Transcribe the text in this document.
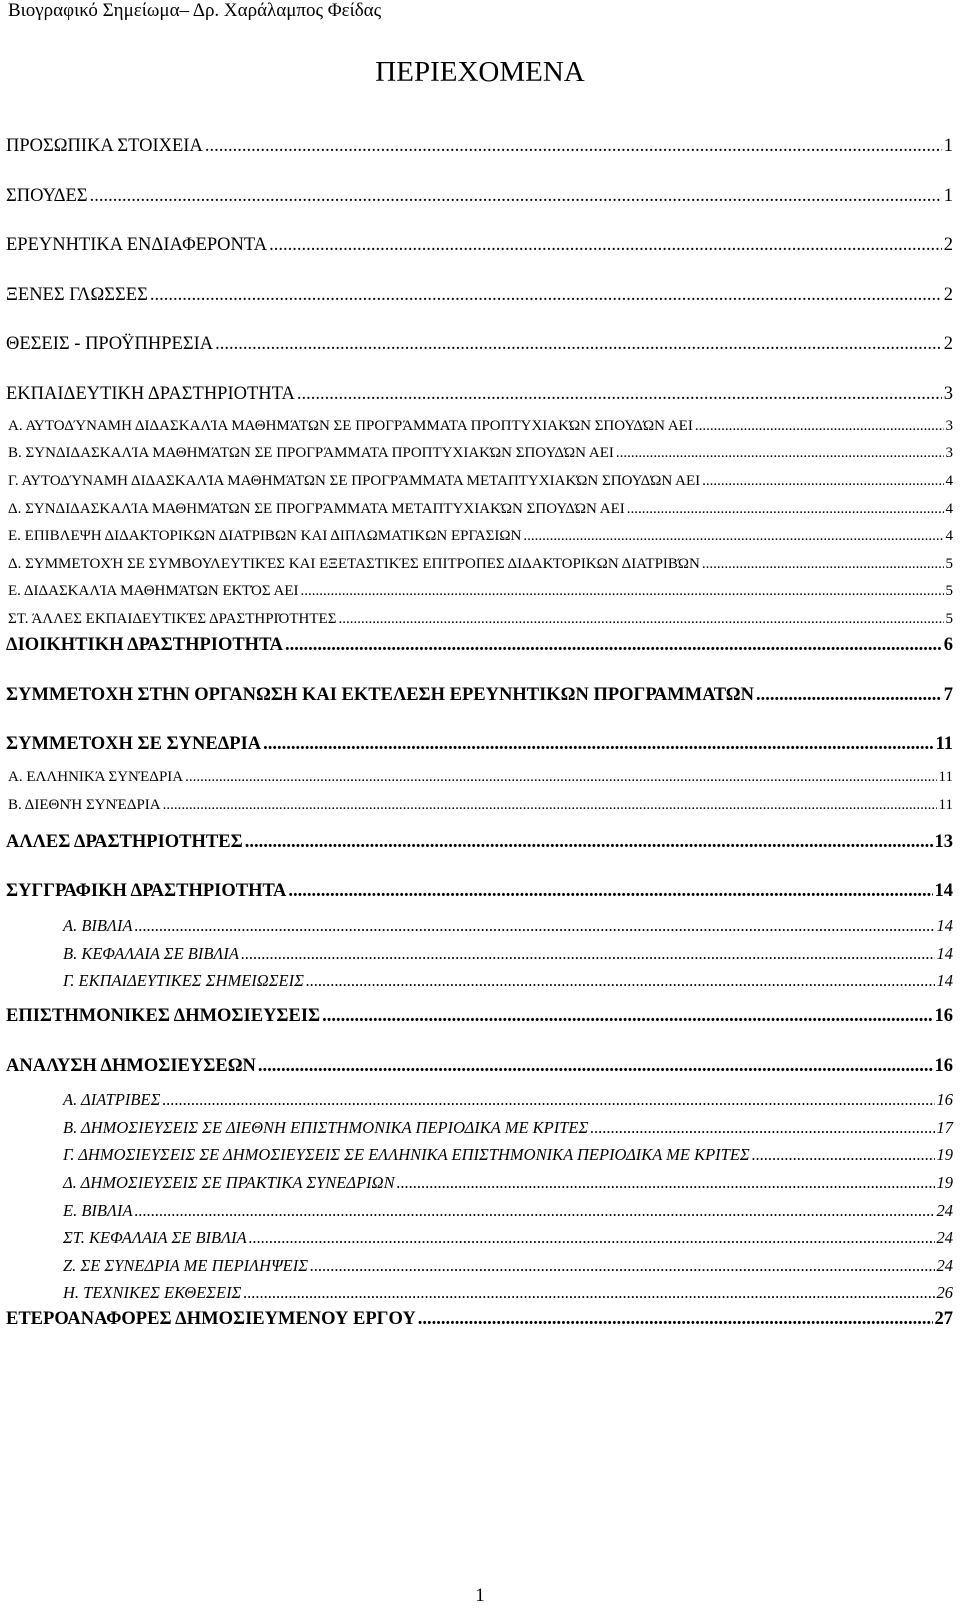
Βιογραφικό Σημείωμα– Δρ. Χαράλαμπος Φείδας
ΠΕΡΙΕΧΟΜΕΝΑ
ΠΡΟΣΩΠΙΚΑ ΣΤΟΙΧΕΙΑ .....	1
ΣΠΟΥΔΕΣ .....	1
ΕΡΕΥΝΗΤΙΚΑ ΕΝΔΙΑΦΕΡΟΝΤΑ .....	2
ΞΕΝΕΣ ΓΛΩΣΣΕΣ .....	2
ΘΕΣΕΙΣ - ΠΡΟΫΠΗΡΕΣΙΑ .....	2
ΕΚΠΑΙΔΕΥΤΙΚΗ ΔΡΑΣΤΗΡΙΟΤΗΤΑ .....	3
Α. ΑΥΤΟΔΎΝΑΜΗ ΔΙΔΑΣΚΑΛΊΑ ΜΑΘΗΜΆΤΩΝ ΣΕ ΠΡΟΓΡΆΜΜΑΤΑ ΠΡΟΠΤΥΧΙΑΚΏΝ ΣΠΟΥΔΏΝ ΑΕΙ .....	3
Β. ΣΥΝΔΙΔΑΣΚΑΛΊΑ ΜΑΘΗΜΆΤΩΝ ΣΕ ΠΡΟΓΡΆΜΜΑΤΑ ΠΡΟΠΤΥΧΙΑΚΏΝ ΣΠΟΥΔΏΝ ΑΕΙ .....	3
Γ. ΑΥΤΟΔΎΝΑΜΗ ΔΙΔΑΣΚΑΛΊΑ ΜΑΘΗΜΆΤΩΝ ΣΕ ΠΡΟΓΡΆΜΜΑΤΑ ΜΕΤΑΠΤΥΧΙΑΚΏΝ ΣΠΟΥΔΏΝ ΑΕΙ .....	4
Δ. ΣΥΝΔΙΔΑΣΚΑΛΊΑ ΜΑΘΗΜΆΤΩΝ ΣΕ ΠΡΟΓΡΆΜΜΑΤΑ ΜΕΤΑΠΤΥΧΙΑΚΏΝ ΣΠΟΥΔΏΝ ΑΕΙ .....	4
Ε. ΕΠΙΒΛΕΨΗ ΔΙΔΑΚΤΟΡΙΚΩΝ ΔΙΑΤΡΙΒΩΝ ΚΑΙ ΔΙΠΛΩΜΑΤΙΚΩΝ ΕΡΓΑΣΙΩΝ .....	4
Δ. ΣΥΜΜΕΤΟΧΉ ΣΕ ΣΥΜΒΟΥΛΕΥΤΙΚΈΣ ΚΑΙ ΕΞΕΤΑΣΤΙΚΈΣ ΕΠΙΤΡΟΠΕΣ ΔΙΔΑΚΤΟΡΙΚΩΝ ΔΙΑΤΡΙΒΏΝ .....	5
Ε. ΔΙΔΑΣΚΑΛΊΑ ΜΑΘΗΜΆΤΩΝ ΕΚΤΌΣ ΑΕΙ .....	5
ΣΤ. ΆΛΛΕΣ ΕΚΠΑΙΔΕΥΤΙΚΈΣ ΔΡΑΣΤΗΡΙΌΤΗΤΕΣ .....	5
ΔΙΟΙΚΗΤΙΚΗ ΔΡΑΣΤΗΡΙΟΤΗΤΑ .....	6
ΣΥΜΜΕΤΟΧΗ ΣΤΗΝ ΟΡΓΑΝΩΣΗ ΚΑΙ ΕΚΤΕΛΕΣΗ ΕΡΕΥΝΗΤΙΚΩΝ ΠΡΟΓΡΑΜΜΑΤΩΝ .....	7
ΣΥΜΜΕΤΟΧΗ ΣΕ ΣΥΝΕΔΡΙΑ .....	11
Α. ΕΛΛΗΝΙΚΆ ΣΥΝΈΔΡΙΑ .....	11
Β. ΔΙΕΘΝΉ ΣΥΝΈΔΡΙΑ .....	11
ΑΛΛΕΣ ΔΡΑΣΤΗΡΙΟΤΗΤΕΣ .....	13
ΣΥΓΓΡΑΦΙΚΗ ΔΡΑΣΤΗΡΙΟΤΗΤΑ .....	14
Α. ΒΙΒΛΙΑ .....	14
Β. ΚΕΦΑΛΑΙΑ ΣΕ ΒΙΒΛΙΑ .....	14
Γ. ΕΚΠΑΙΔΕΥΤΙΚΕΣ ΣΗΜΕΙΩΣΕΙΣ .....	14
ΕΠΙΣΤΗΜΟΝΙΚΕΣ ΔΗΜΟΣΙΕΥΣΕΙΣ .....	16
ΑΝΑΛΥΣΗ ΔΗΜΟΣΙΕΥΣΕΩΝ .....	16
Α. ΔΙΑΤΡΙΒΕΣ .....	16
Β. ΔΗΜΟΣΙΕΥΣΕΙΣ ΣΕ ΔΙΕΘΝΗ ΕΠΙΣΤΗΜΟΝΙΚΑ ΠΕΡΙΟΔΙΚΑ ΜΕ ΚΡΙΤΕΣ .....	17
Γ. ΔΗΜΟΣΙΕΥΣΕΙΣ ΣΕ ΔΗΜΟΣΙΕΥΣΕΙΣ ΣΕ ΕΛΛΗΝΙΚΑ ΕΠΙΣΤΗΜΟΝΙΚΑ ΠΕΡΙΟΔΙΚΑ ΜΕ ΚΡΙΤΕΣ .....	19
Δ. ΔΗΜΟΣΙΕΥΣΕΙΣ ΣΕ ΠΡΑΚΤΙΚΑ ΣΥΝΕΔΡΙΩΝ .....	19
Ε. ΒΙΒΛΙΑ .....	24
ΣΤ. ΚΕΦΑΛΑΙΑ ΣΕ ΒΙΒΛΙΑ .....	24
Ζ. ΣΕ ΣΥΝΕΔΡΙΑ ΜΕ ΠΕΡΙΛΗΨΕΙΣ .....	24
Η. ΤΕΧΝΙΚΕΣ ΕΚΘΕΣΕΙΣ .....	26
ΕΤΕΡΟΑΝΑΦΟΡΕΣ ΔΗΜΟΣΙΕΥΜΕΝΟΥ ΕΡΓΟΥ .....	27
1
